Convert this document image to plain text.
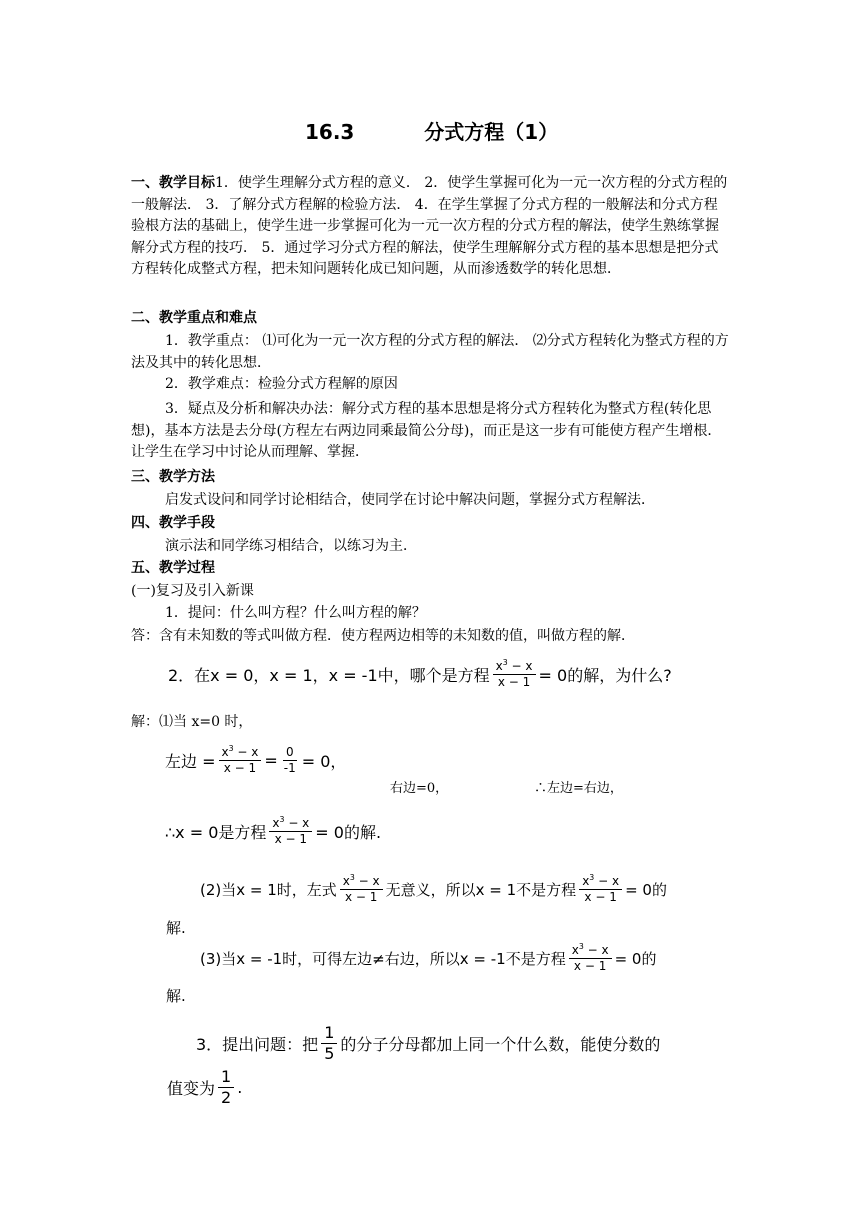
16.3	分式方程（1）
一、教学目标1．使学生理解分式方程的意义． 2．使学生掌握可化为一元一次方程的分式方程的一般解法． 3．了解分式方程解的检验方法． 4．在学生掌握了分式方程的一般解法和分式方程验根方法的基础上，使学生进一步掌握可化为一元一次方程的分式方程的解法，使学生熟练掌握解分式方程的技巧． 5．通过学习分式方程的解法，使学生理解解分式方程的基本思想是把分式方程转化成整式方程，把未知问题转化成已知问题，从而渗透数学的转化思想．
二、教学重点和难点
1．教学重点： ⑴可化为一元一次方程的分式方程的解法． ⑵分式方程转化为整式方程的方法及其中的转化思想．
2．教学难点：检验分式方程解的原因
3．疑点及分析和解决办法：解分式方程的基本思想是将分式方程转化为整式方程(转化思想)，基本方法是去分母(方程左右两边同乘最简公分母)，而正是这一步有可能使方程产生增根．让学生在学习中讨论从而理解、掌握．
三、教学方法
启发式设问和同学讨论相结合，使同学在讨论中解决问题，掌握分式方程解法．
四、教学手段
演示法和同学练习相结合，以练习为主．
五、教学过程
(一)复习及引入新课
1．提问：什么叫方程？什么叫方程的解？
答：含有未知数的等式叫做方程．使方程两边相等的未知数的值，叫做方程的解．
2．在x = 0，x = 1，x = -1中，哪个是方程 $\frac{x^3 - x}{x - 1} = 0$的解，为什么?
解：⑴当 x=0 时，
左边 = $\frac{x^3 - x}{x - 1} = \frac{0}{-1} = 0$，
右边=0，	∴左边=右边，
∴x = 0是方程 $\frac{x^3 - x}{x - 1} = 0$的解.
(2)当x = 1时，左式 $\frac{x^3 - x}{x - 1}$ 无意义，所以x = 1不是方程 $\frac{x^3 - x}{x - 1} = 0$的
解.
(3)当x = -1时，可得左边≠右边，所以x = -1不是方程 $\frac{x^3 - x}{x - 1} = 0$的
解.
3．提出问题：把 $\frac{1}{5}$ 的分子分母都加上同一个什么数，能使分数的
值变为 $\frac{1}{2}$ .
